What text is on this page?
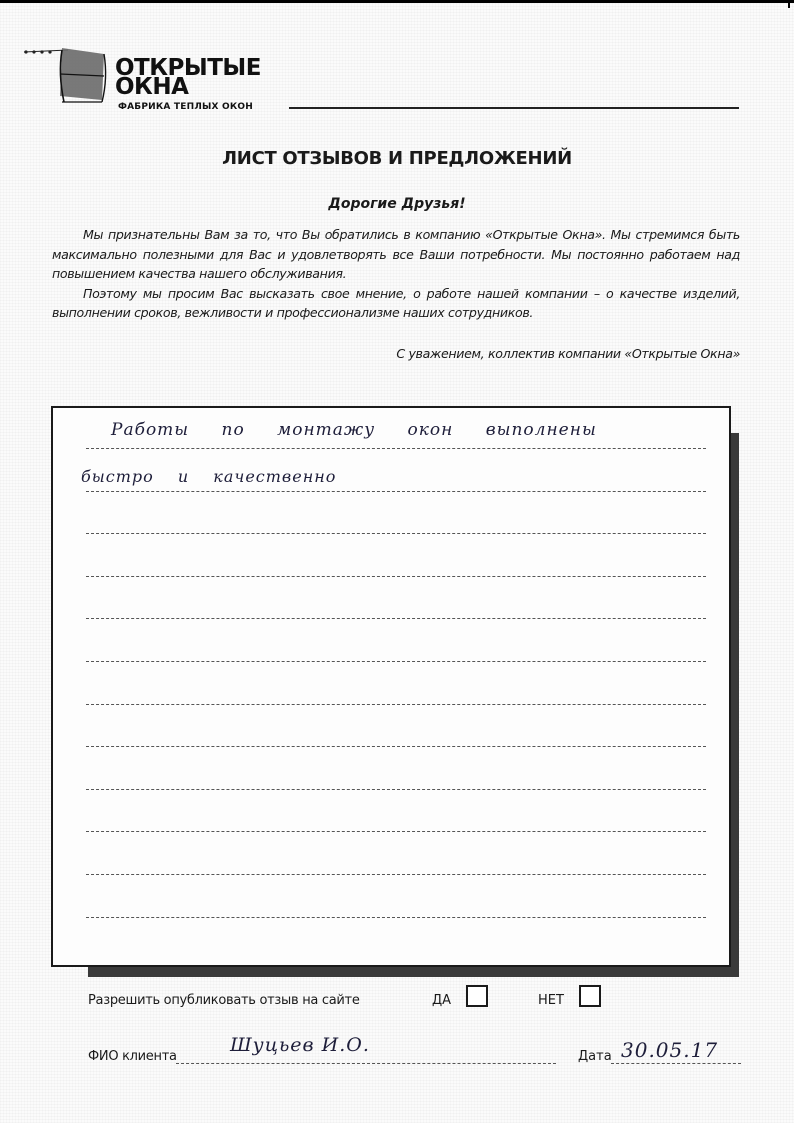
ОТКРЫТЫЕ
ОКНА
ФАБРИКА ТЕПЛЫХ ОКОН
ЛИСТ ОТЗЫВОВ И ПРЕДЛОЖЕНИЙ
Дорогие Друзья!

Мы признательны Вам за то, что Вы обратились в компанию «Открытые Окна». Мы стремимся быть максимально полезными для Вас и удовлетворять все Ваши потребности. Мы постоянно работаем над повышением качества нашего обслуживания.

Поэтому мы просим Вас высказать свое мнение, о работе нашей компании – о качестве изделий, выполнении сроков, вежливости и профессионализме наших сотрудников.

С уважением, коллектив компании «Открытые Окна»
Работы по монтажу окон выполнены
быстро и качественно
Разрешить опубликовать отзыв на сайте	ДА	НЕТ
ФИО клиента
Шуцьев И.О.
Дата 30.05.17
